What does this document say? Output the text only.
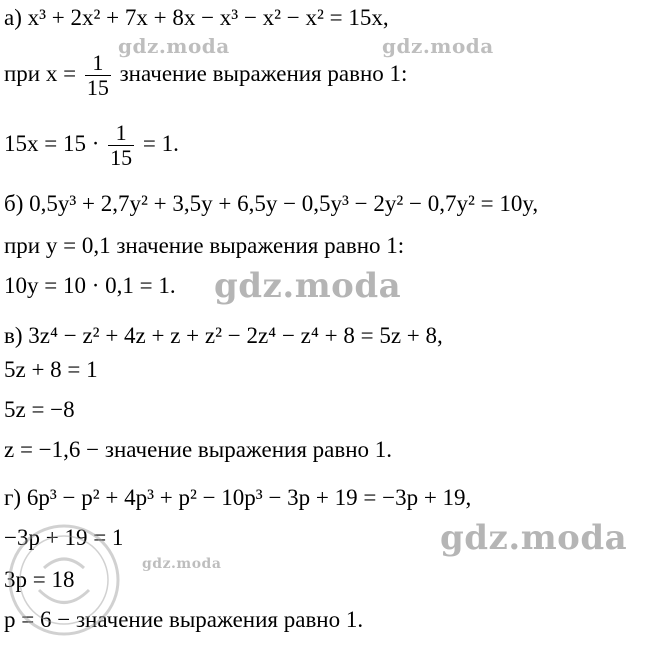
а) x³ + 2x² + 7x + 8x − x³ − x² − x² = 15x,
при $x = \frac{1}{15}$ значение выражения равно 1:
$15x = 15 \cdot \frac{1}{15} = 1$.
б) 0,5y³ + 2,7y² + 3,5y + 6,5y − 0,5y³ − 2y² − 0,7y² = 10y,
при y = 0,1 значение выражения равно 1:
10y = 10 · 0,1 = 1.
в) 3z⁴ − z² + 4z + z + z² − 2z⁴ − z⁴ + 8 = 5z + 8,
5z + 8 = 1
5z = −8
z = −1,6 − значение выражения равно 1.
г) 6p³ − p² + 4p³ + p² − 10p³ − 3p + 19 = −3p + 19,
−3p + 19 = 1
3p = 18
p = 6 − значение выражения равно 1.
gdz.moda	gdz.moda
gdz.moda
gdz.moda
gdz.moda
